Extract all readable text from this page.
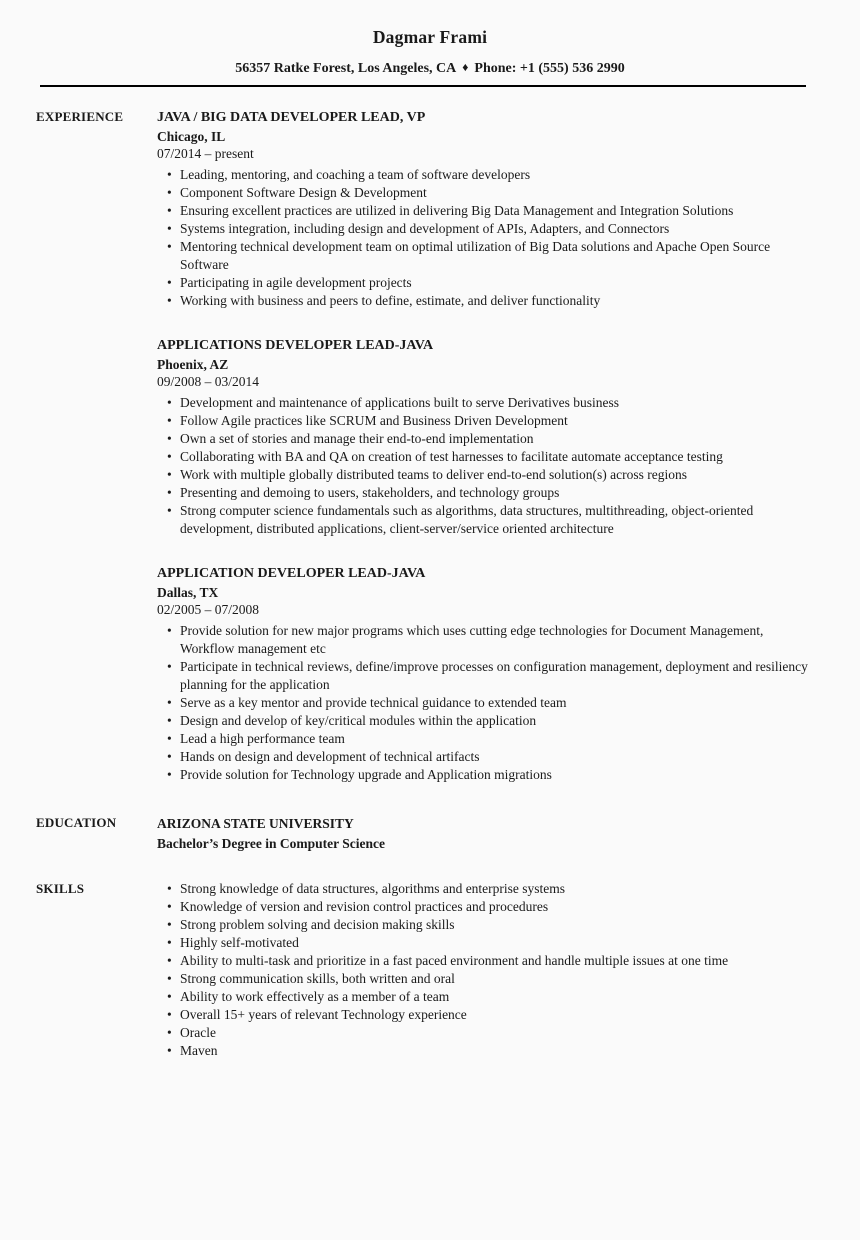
Dagmar Frami

56357 Ratke Forest, Los Angeles, CA ♦ Phone: +1 (555) 536 2990

EXPERIENCE	JAVA / BIG DATA DEVELOPER LEAD, VP
Chicago, IL
07/2014 – present
• Leading, mentoring, and coaching a team of software developers
• Component Software Design & Development
• Ensuring excellent practices are utilized in delivering Big Data Management and Integration Solutions
• Systems integration, including design and development of APIs, Adapters, and Connectors
• Mentoring technical development team on optimal utilization of Big Data solutions and Apache Open Source Software
• Participating in agile development projects
• Working with business and peers to define, estimate, and deliver functionality
APPLICATIONS DEVELOPER LEAD-JAVA
Phoenix, AZ
09/2008 – 03/2014
• Development and maintenance of applications built to serve Derivatives business
• Follow Agile practices like SCRUM and Business Driven Development
• Own a set of stories and manage their end-to-end implementation
• Collaborating with BA and QA on creation of test harnesses to facilitate automate acceptance testing
• Work with multiple globally distributed teams to deliver end-to-end solution(s) across regions
• Presenting and demoing to users, stakeholders, and technology groups
• Strong computer science fundamentals such as algorithms, data structures, multithreading, object-oriented development, distributed applications, client-server/service oriented architecture
APPLICATION DEVELOPER LEAD-JAVA
Dallas, TX
02/2005 – 07/2008
• Provide solution for new major programs which uses cutting edge technologies for Document Management, Workflow management etc
• Participate in technical reviews, define/improve processes on configuration management, deployment and resiliency planning for the application
• Serve as a key mentor and provide technical guidance to extended team
• Design and develop of key/critical modules within the application
• Lead a high performance team
• Hands on design and development of technical artifacts
• Provide solution for Technology upgrade and Application migrations
EDUCATION	ARIZONA STATE UNIVERSITY
Bachelor’s Degree in Computer Science
SKILLS	• Strong knowledge of data structures, algorithms and enterprise systems
• Knowledge of version and revision control practices and procedures
• Strong problem solving and decision making skills
• Highly self-motivated
• Ability to multi-task and prioritize in a fast paced environment and handle multiple issues at one time
• Strong communication skills, both written and oral
• Ability to work effectively as a member of a team
• Overall 15+ years of relevant Technology experience
• Oracle
• Maven
